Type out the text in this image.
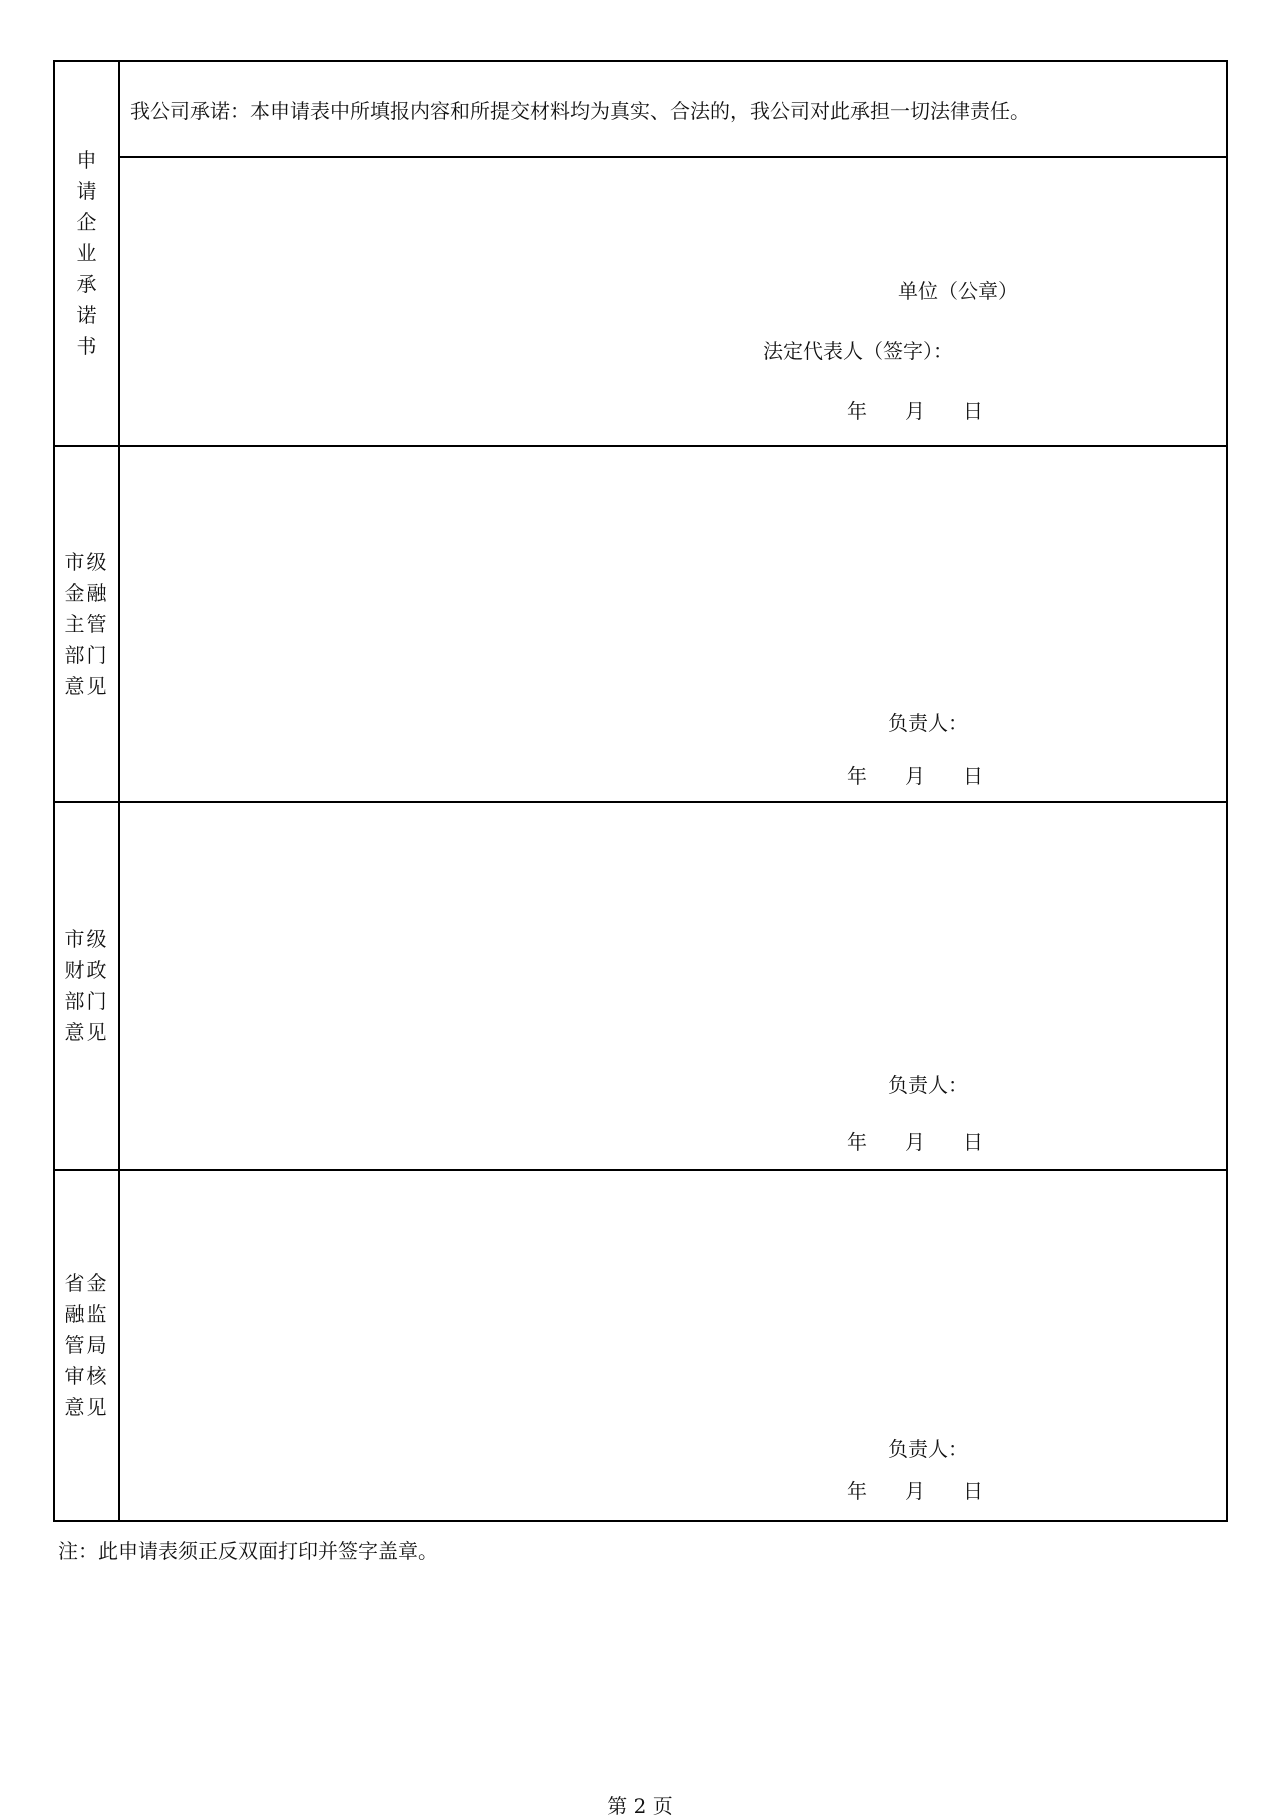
申请企业承诺书
我公司承诺：本申请表中所填报内容和所提交材料均为真实、合法的，我公司对此承担一切法律责任。
单位（公章）
法定代表人（签字）：
年 月 日
市级金融主管部门意见
负责人：
年 月 日
市级财政部门意见
负责人：
年 月 日
省金融监管局审核意见
负责人：
年 月 日
注：此申请表须正反双面打印并签字盖章。
第 2 页
